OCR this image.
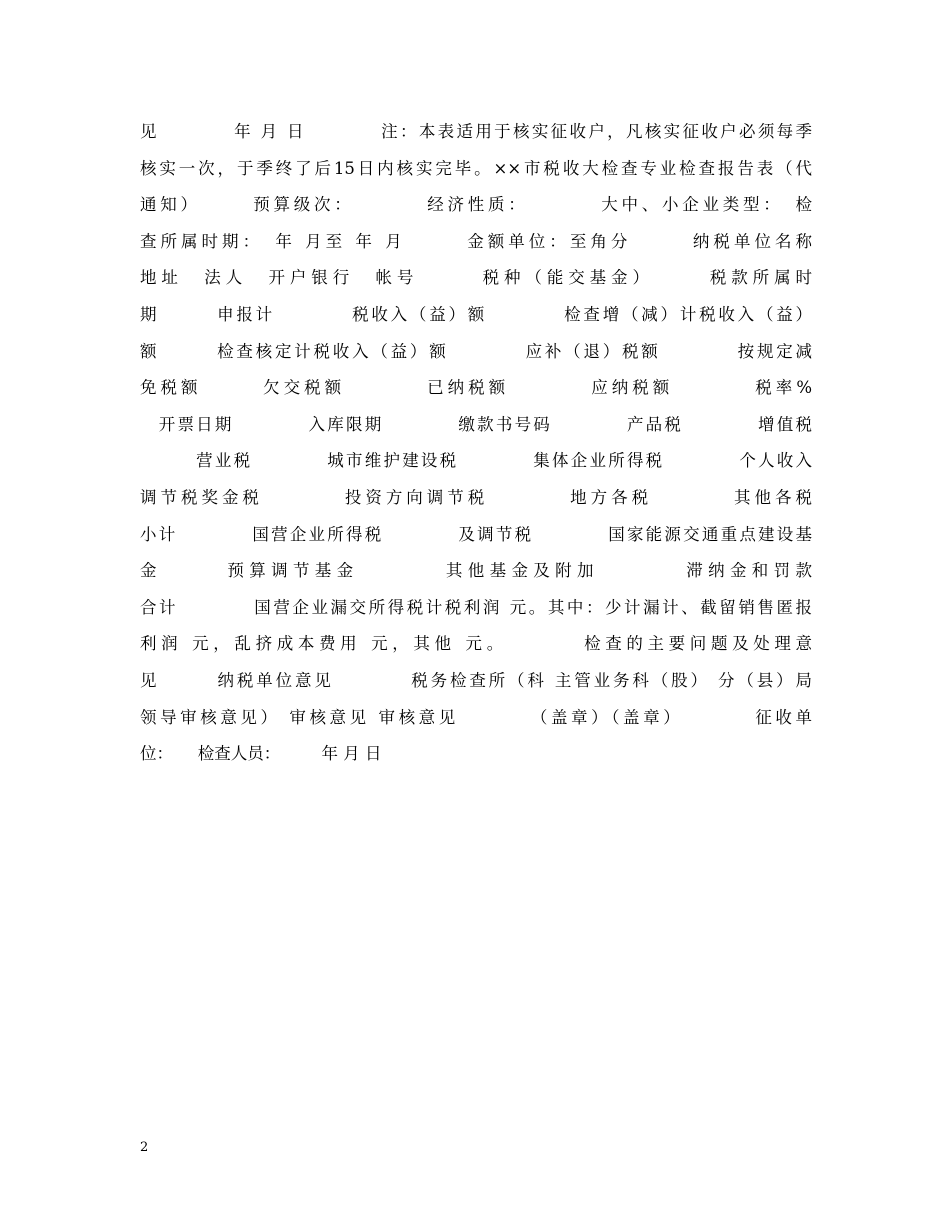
见　　　　年 月 日　　　　注：本表适用于核实征收户，凡核实征收户必须每季
核实一次，于季终了后15日内核实完毕。××市税收大检查专业检查报告表（代
通知）　　　预算级次：　　　　经济性质：　　　　大中、小企业类型：　检
查所属时期：　年 月至 年 月　　　金额单位：至角分　　　纳税单位名称
地址　法人　开户银行　帐号　　　税种（能交基金）　　　税款所属时
期　　　申报计　　　　税收入（益）额　　　　检查增（减）计税收入（益）
额　　　检查核定计税收入（益）额　　　　应补（退）税额　　　　按规定减
免税额　　　欠交税额　　　　已纳税额　　　　应纳税额　　　　税率%
　开票日期　　　　入库限期　　　　缴款书号码　　　　产品税　　　　增值税
　　　营业税　　　　城市维护建设税　　　　集体企业所得税　　　　个人收入
调节税奖金税　　　　投资方向调节税　　　　地方各税　　　　其他各税
小计　　　　国营企业所得税　　　　及调节税　　　　国家能源交通重点建设基
金　　　预算调节基金　　　　其他基金及附加　　　　滞纳金和罚款
合计　　　　国营企业漏交所得税计税利润 元。其中：少计漏计、截留销售匿报
利润 元，乱挤成本费用 元，其他 元。　　　　检查的主要问题及处理意
见　　　纳税单位意见　　　　税务检查所（科 主管业务科（股） 分（县）局
领导审核意见） 审核意见 审核意见　　　　（盖章）（盖章）　　　　征收单
位：　　检查人员：　　　年 月 日
2
